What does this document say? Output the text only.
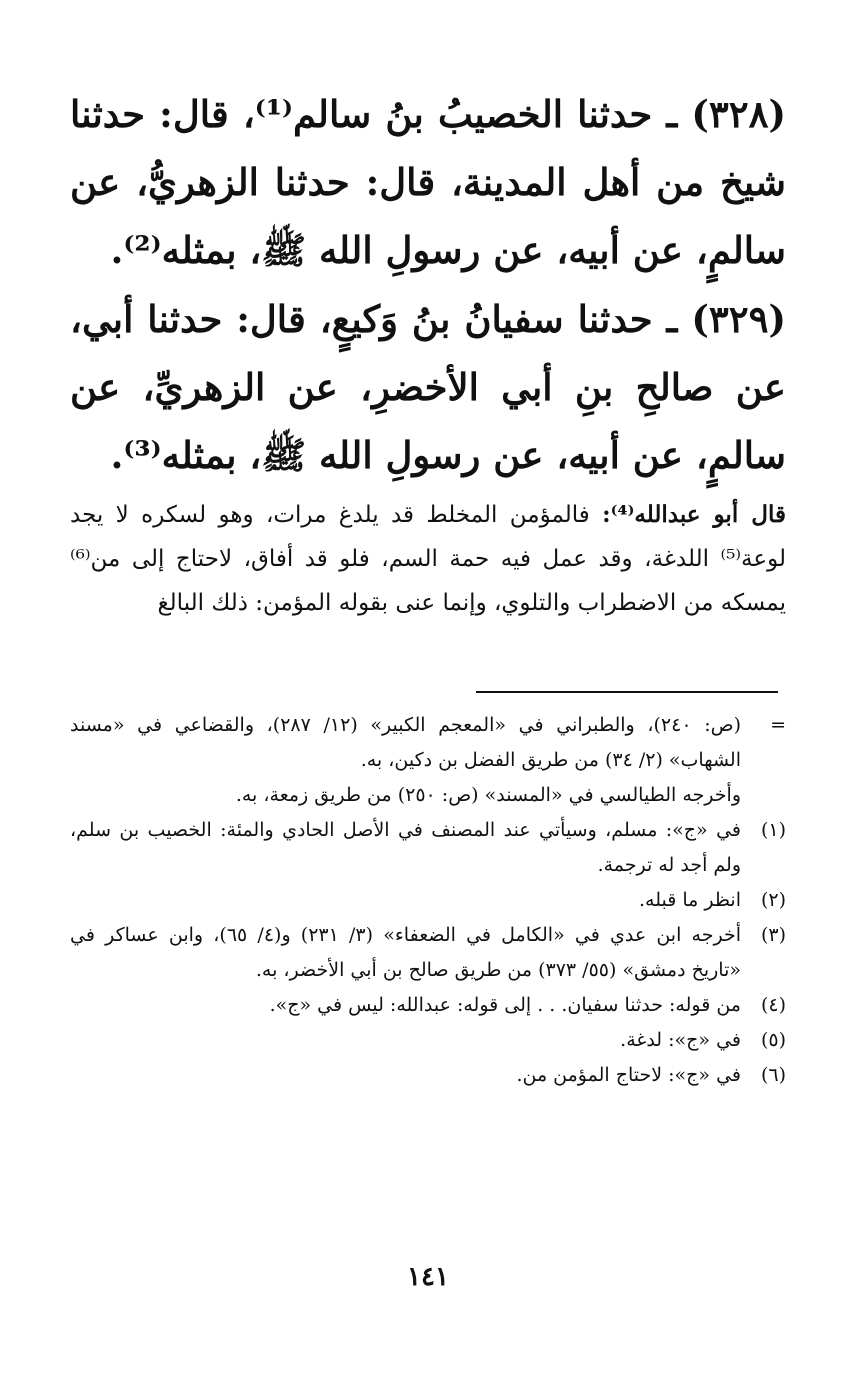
(٣٢٨) ـ حدثنا الخصيبُ بنُ سالم⁽¹⁾، قال: حدثنا شيخ من أهل المدينة، قال: حدثنا الزهريُّ، عن سالمٍ، عن أبيه، عن رسولِ الله ﷺ، بمثله⁽²⁾.

(٣٢٩) ـ حدثنا سفيانُ بنُ وَكيعٍ، قال: حدثنا أبي، عن صالحِ بنِ أبي الأخضرِ، عن الزهريِّ، عن سالمٍ، عن أبيه، عن رسولِ الله ﷺ، بمثله⁽³⁾.

قال أبو عبدالله⁽⁴⁾: فالمؤمن المخلط قد يلدغ مرات، وهو لسكره لا يجد لوعة⁽⁵⁾ اللدغة، وقد عمل فيه حمة السم، فلو قد أفاق، لاحتاج إلى من⁽⁶⁾ يمسكه من الاضطراب والتلوي، وإنما عنى بقوله المؤمن: ذلك البالغ

=
(ص: ٢٤٠)، والطبراني في «المعجم الكبير» (١٢/ ٢٨٧)، والقضاعي في «مسند الشهاب» (٢/ ٣٤) من طريق الفضل بن دكين، به.
وأخرجه الطيالسي في «المسند» (ص: ٢٥٠) من طريق زمعة، به.
(١)
في «ج»: مسلم، وسيأتي عند المصنف في الأصل الحادي والمئة: الخصيب بن سلم، ولم أجد له ترجمة.
(٢)
انظر ما قبله.
(٣)
أخرجه ابن عدي في «الكامل في الضعفاء» (٣/ ٢٣١) و(٤/ ٦٥)، وابن عساكر في «تاريخ دمشق» (٥٥/ ٣٧٣) من طريق صالح بن أبي الأخضر، به.
(٤)
من قوله: حدثنا سفيان. . . إلى قوله: عبدالله: ليس في «ج».
(٥)
في «ج»: لدغة.
(٦)
في «ج»: لاحتاج المؤمن من.
١٤١
